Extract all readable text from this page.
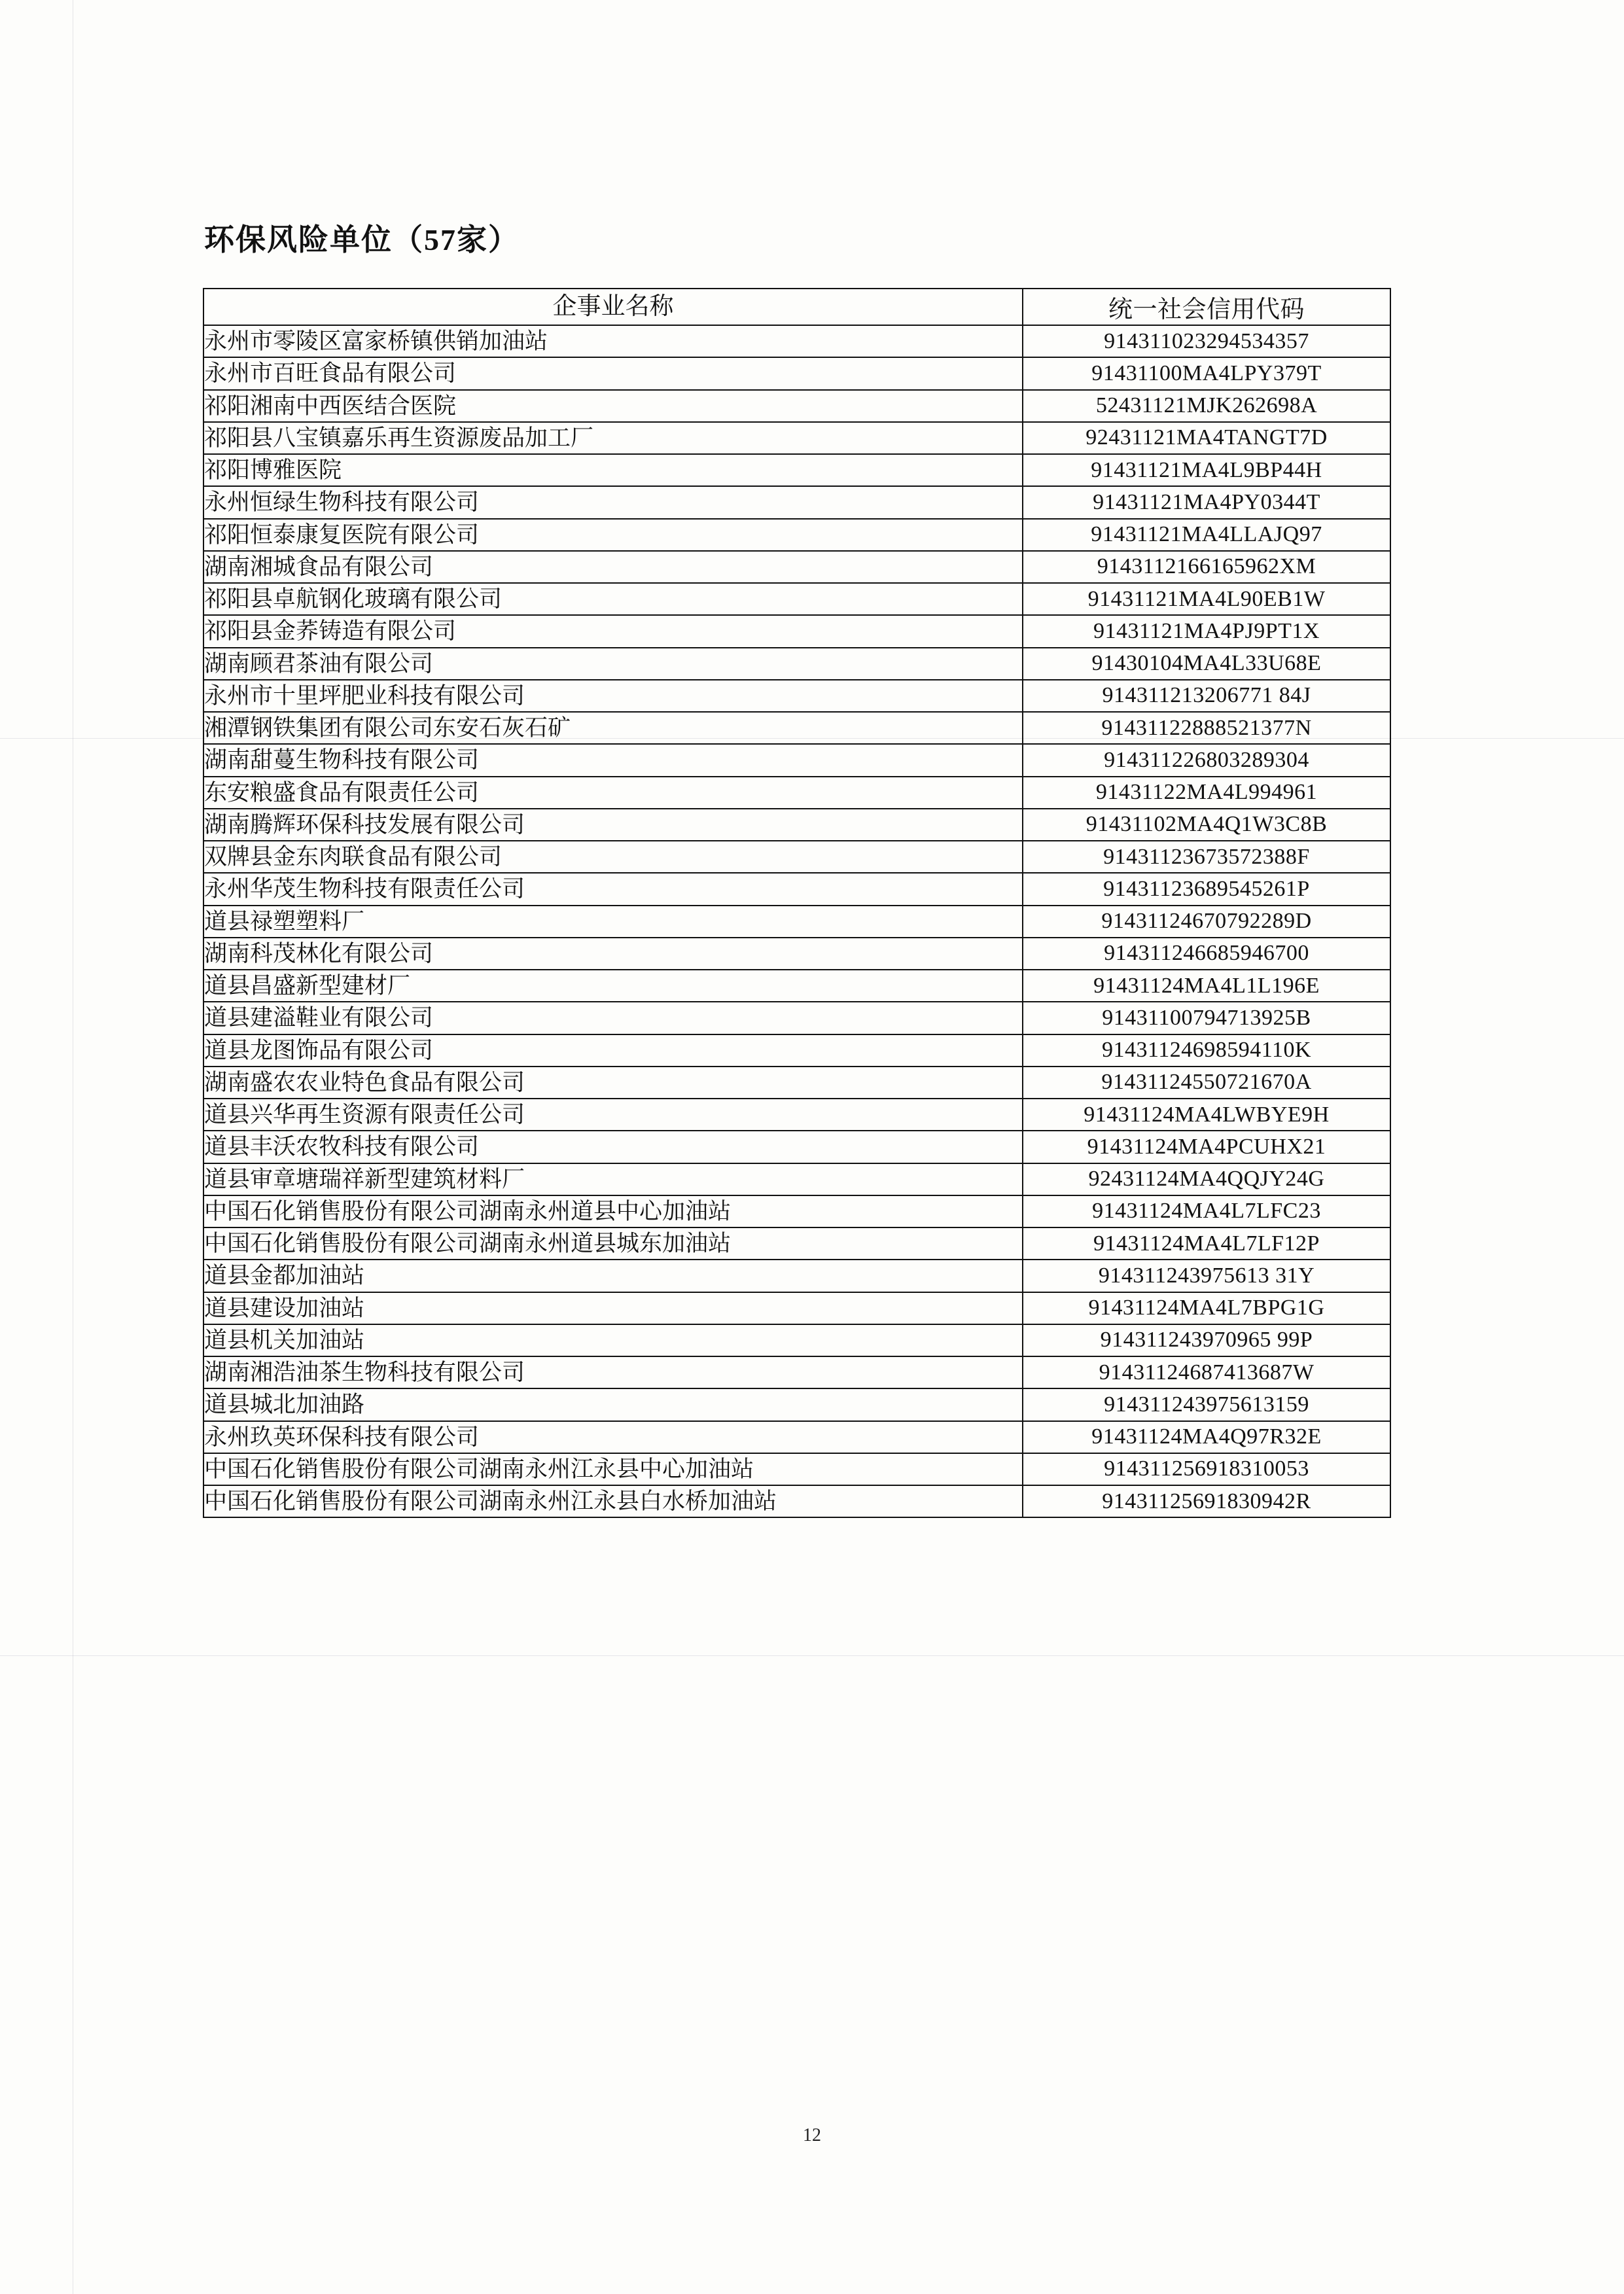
环保风险单位（57家）
企事业名称	统一社会信用代码
永州市零陵区富家桥镇供销加油站	914311023294534357
永州市百旺食品有限公司	91431100MA4LPY379T
祁阳湘南中西医结合医院	52431121MJK262698A
祁阳县八宝镇嘉乐再生资源废品加工厂	92431121MA4TANGT7D
祁阳博雅医院	91431121MA4L9BP44H
永州恒绿生物科技有限公司	91431121MA4PY0344T
祁阳恒泰康复医院有限公司	91431121MA4LLAJQ97
湖南湘城食品有限公司	9143112166165962XM
祁阳县卓航钢化玻璃有限公司	91431121MA4L90EB1W
祁阳县金荞铸造有限公司	91431121MA4PJ9PT1X
湖南顾君茶油有限公司	91430104MA4L33U68E
永州市十里坪肥业科技有限公司	914311213206771 84J
湘潭钢铁集团有限公司东安石灰石矿	91431122888521377N
湖南甜蔓生物科技有限公司	914311226803289304
东安粮盛食品有限责任公司	91431122MA4L994961
湖南腾辉环保科技发展有限公司	91431102MA4Q1W3C8B
双牌县金东肉联食品有限公司	91431123673572388F
永州华茂生物科技有限责任公司	91431123689545261P
道县禄塑塑料厂	91431124670792289D
湖南科茂林化有限公司	914311246685946700
道县昌盛新型建材厂	91431124MA4L1L196E
道县建溢鞋业有限公司	91431100794713925B
道县龙图饰品有限公司	91431124698594110K
湖南盛农农业特色食品有限公司	91431124550721670A
道县兴华再生资源有限责任公司	91431124MA4LWBYE9H
道县丰沃农牧科技有限公司	91431124MA4PCUHX21
道县审章塘瑞祥新型建筑材料厂	92431124MA4QQJY24G
中国石化销售股份有限公司湖南永州道县中心加油站	91431124MA4L7LFC23
中国石化销售股份有限公司湖南永州道县城东加油站	91431124MA4L7LF12P
道县金都加油站	914311243975613 31Y
道县建设加油站	91431124MA4L7BPG1G
道县机关加油站	914311243970965 99P
湖南湘浩油茶生物科技有限公司	91431124687413687W
道县城北加油路	914311243975613159
永州玖英环保科技有限公司	91431124MA4Q97R32E
中国石化销售股份有限公司湖南永州江永县中心加油站	914311256918310053
中国石化销售股份有限公司湖南永州江永县白水桥加油站	91431125691830942R
12
